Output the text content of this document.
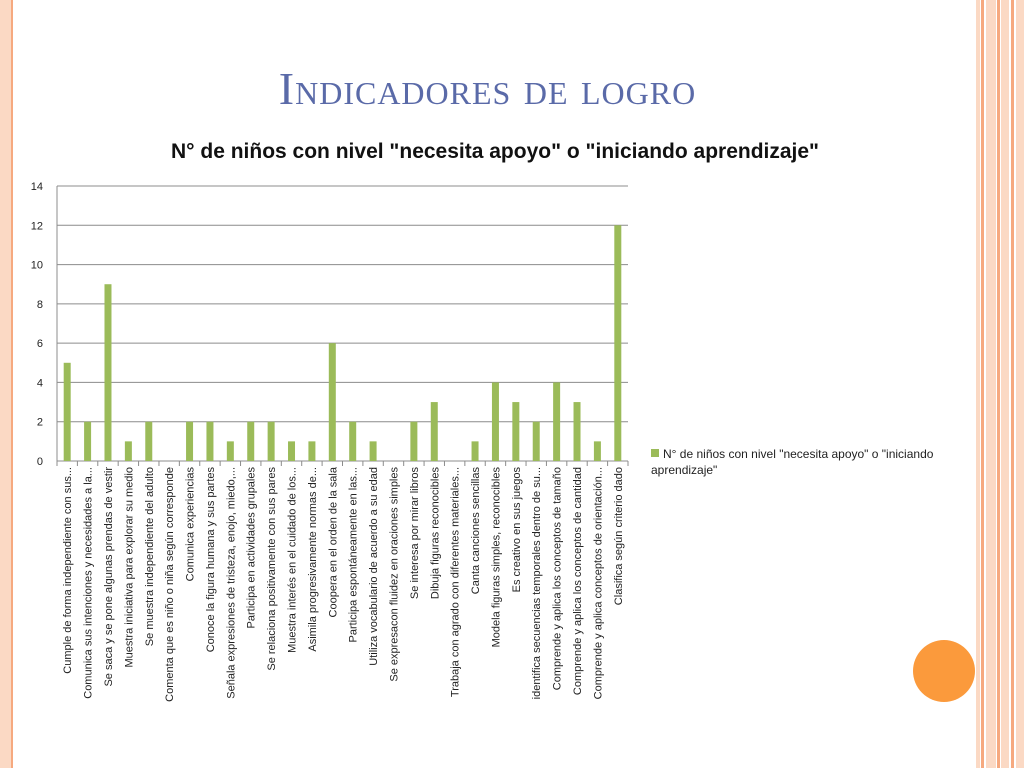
Indicadores de logro
N° de niños con nivel "necesita apoyo" o "iniciando aprendizaje"
0
2
4
6
8
10
12
14
Cumple de forma independiente con sus... Comunica sus intenciones y necesidades a la... Se saca y se pone algunas prendas de vestir Muestra iniciativa para explorar su medio Se muestra independiente del adulto Comenta que es niño o niña según corresponde Comunica experiencias Conoce la figura humana y sus partes Señala expresiones de tristeza, enojo, miedo,... Participa en actividades grupales Se relaciona positivamente con sus pares Muestra interés en el cuidado de los... Asimila progresivamente normas de... Coopera en el orden de la sala Participa espontáneamente en las... Utiliza vocabulario de acuerdo a su edad Se expresacon fluidez en oraciones simples Se interesa por mirar libros Dibuja figuras reconocibles Trabaja con agrado con diferentes materiales... Canta canciones sencillas Modela figuras simples, reconocibles Es creativo en sus juegos identifica secuencias temporales dentro de su... Comprende y aplica los conceptos de tamaño Comprende y aplica los conceptos de cantidad Comprende y aplica conceptos de orientación... Clasifica según criterio dado
N° de niños con nivel "necesita apoyo" o "iniciando aprendizaje"
